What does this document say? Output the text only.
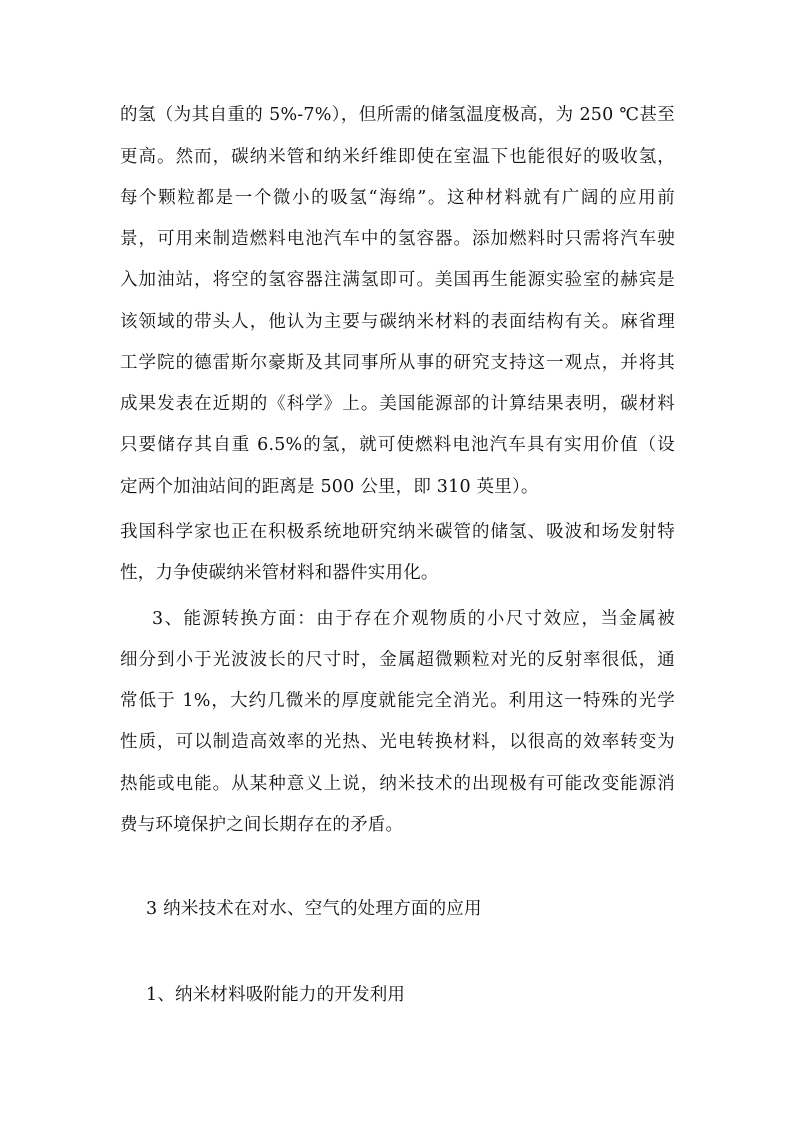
的氢（为其自重的 5%-7%），但所需的储氢温度极高，为 250 ℃甚至
更高。然而，碳纳米管和纳米纤维即使在室温下也能很好的吸收氢，
每个颗粒都是一个微小的吸氢“海绵”。这种材料就有广阔的应用前
景，可用来制造燃料电池汽车中的氢容器。添加燃料时只需将汽车驶
入加油站，将空的氢容器注满氢即可。美国再生能源实验室的赫宾是
该领域的带头人，他认为主要与碳纳米材料的表面结构有关。麻省理
工学院的德雷斯尔豪斯及其同事所从事的研究支持这一观点，并将其
成果发表在近期的《科学》上。美国能源部的计算结果表明，碳材料
只要储存其自重 6.5%的氢，就可使燃料电池汽车具有实用价值（设
定两个加油站间的距离是 500 公里，即 310 英里）。
我国科学家也正在积极系统地研究纳米碳管的储氢、吸波和场发射特
性，力争使碳纳米管材料和器件实用化。
3、能源转换方面：由于存在介观物质的小尺寸效应，当金属被
细分到小于光波波长的尺寸时，金属超微颗粒对光的反射率很低，通
常低于 1%，大约几微米的厚度就能完全消光。利用这一特殊的光学
性质，可以制造高效率的光热、光电转换材料，以很高的效率转变为
热能或电能。从某种意义上说，纳米技术的出现极有可能改变能源消
费与环境保护之间长期存在的矛盾。
3 纳米技术在对水、空气的处理方面的应用
1、纳米材料吸附能力的开发利用
